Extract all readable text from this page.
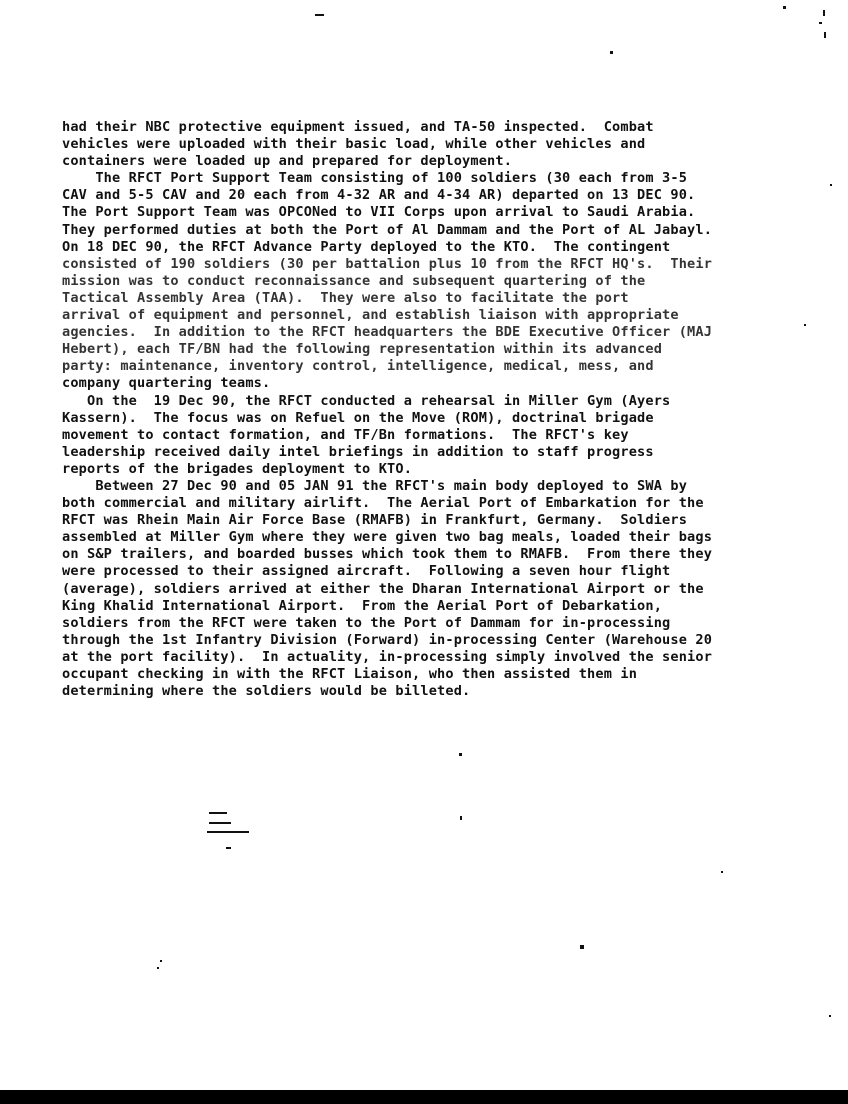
had their NBC protective equipment issued, and TA-50 inspected.  Combat
vehicles were uploaded with their basic load, while other vehicles and
containers were loaded up and prepared for deployment.
The RFCT Port Support Team consisting of 100 soldiers (30 each from 3-5
CAV and 5-5 CAV and 20 each from 4-32 AR and 4-34 AR) departed on 13 DEC 90.
The Port Support Team was OPCONed to VII Corps upon arrival to Saudi Arabia.
They performed duties at both the Port of Al Dammam and the Port of AL Jabayl.
On 18 DEC 90, the RFCT Advance Party deployed to the KTO.  The contingent
consisted of 190 soldiers (30 per battalion plus 10 from the RFCT HQ's.  Their
mission was to conduct reconnaissance and subsequent quartering of the
Tactical Assembly Area (TAA).  They were also to facilitate the port
arrival of equipment and personnel, and establish liaison with appropriate
agencies.  In addition to the RFCT headquarters the BDE Executive Officer (MAJ
Hebert), each TF/BN had the following representation within its advanced
party: maintenance, inventory control, intelligence, medical, mess, and
company quartering teams.
On the  19 Dec 90, the RFCT conducted a rehearsal in Miller Gym (Ayers
Kassern).  The focus was on Refuel on the Move (ROM), doctrinal brigade
movement to contact formation, and TF/Bn formations.  The RFCT's key
leadership received daily intel briefings in addition to staff progress
reports of the brigades deployment to KTO.
Between 27 Dec 90 and 05 JAN 91 the RFCT's main body deployed to SWA by
both commercial and military airlift.  The Aerial Port of Embarkation for the
RFCT was Rhein Main Air Force Base (RMAFB) in Frankfurt, Germany.  Soldiers
assembled at Miller Gym where they were given two bag meals, loaded their bags
on S&P trailers, and boarded busses which took them to RMAFB.  From there they
were processed to their assigned aircraft.  Following a seven hour flight
(average), soldiers arrived at either the Dharan International Airport or the
King Khalid International Airport.  From the Aerial Port of Debarkation,
soldiers from the RFCT were taken to the Port of Dammam for in-processing
through the 1st Infantry Division (Forward) in-processing Center (Warehouse 20
at the port facility).  In actuality, in-processing simply involved the senior
occupant checking in with the RFCT Liaison, who then assisted them in
determining where the soldiers would be billeted.
